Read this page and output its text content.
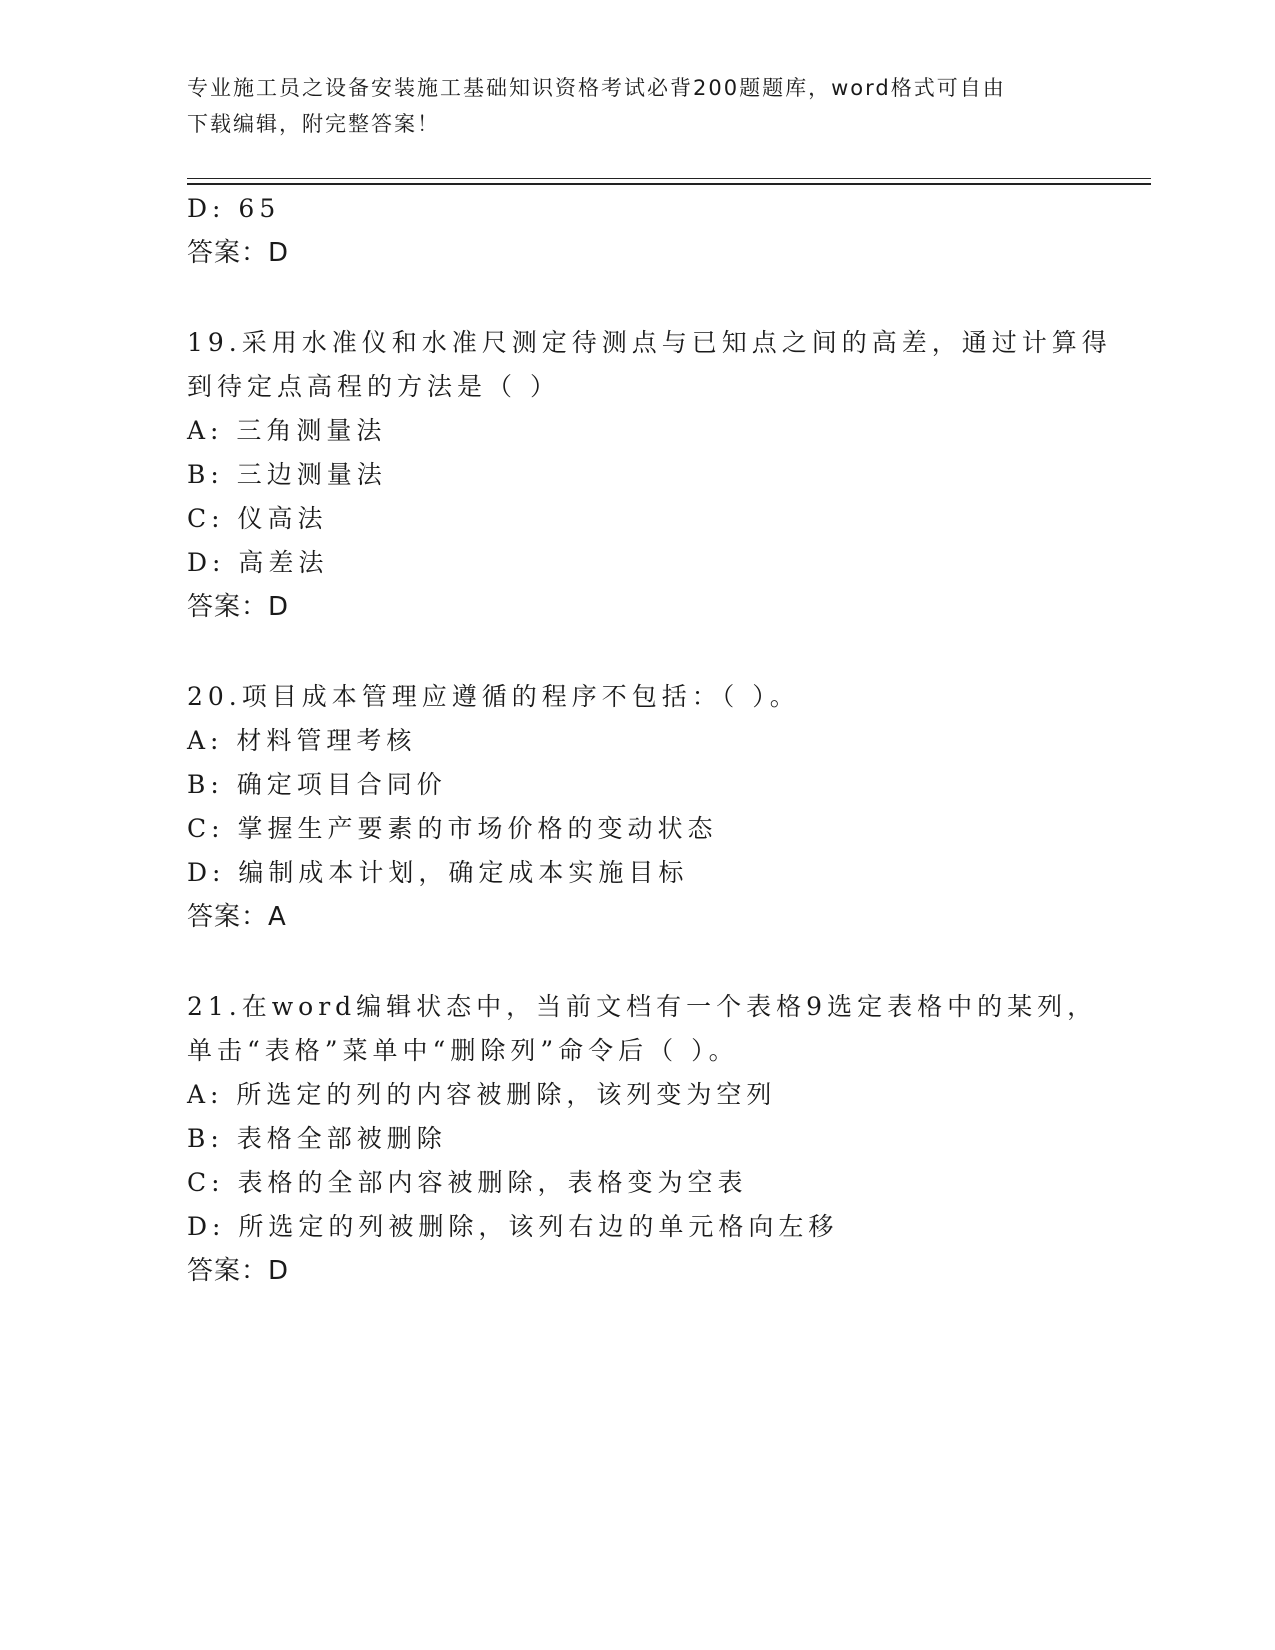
专业施工员之设备安装施工基础知识资格考试必背200题题库，word格式可自由
下载编辑，附完整答案！
D: 65
答案：D
19.采用水准仪和水准尺测定待测点与已知点之间的高差，通过计算得
到待定点高程的方法是（ ）
A: 三角测量法
B: 三边测量法
C: 仪高法
D: 高差法
答案：D
20.项目成本管理应遵循的程序不包括：（ ）。
A: 材料管理考核
B: 确定项目合同价
C: 掌握生产要素的市场价格的变动状态
D: 编制成本计划，确定成本实施目标
答案：A
21.在word编辑状态中，当前文档有一个表格9选定表格中的某列，
单击“表格”菜单中“删除列”命令后（ ）。
A: 所选定的列的内容被删除，该列变为空列
B: 表格全部被删除
C: 表格的全部内容被删除，表格变为空表
D: 所选定的列被删除，该列右边的单元格向左移
答案：D
